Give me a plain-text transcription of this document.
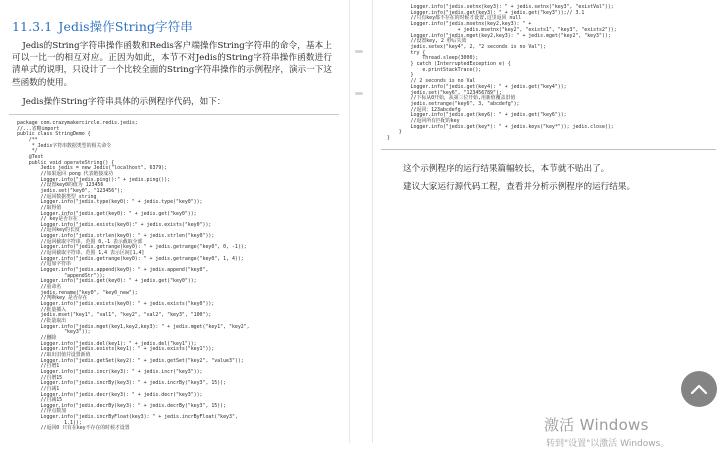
11.3.1 Jedis操作String字符串

Jedis的String字符串操作函数和Redis客户端操作String字符串的命令，基本上可以一比一的相互对应。正因为如此，本节不对Jedis的String字符串操作函数进行清单式的说明，只设计了一个比较全面的String字符串操作的示例程序，演示一下这些函数的使用。

Jedis操作String字符串具体的示例程序代码，如下：

package com.crazymakercircle.redis.jedis;
//...省略import
public class StringDemo {
/**
* Jedis字符串数据类型的相关命令
*/
@Test
public void operateString() {
Jedis jedis = new Jedis("localhost", 6379);
//如果返回 pong 代表链接成功
Logger.info("jedis.ping():" + jedis.ping());
//设置key0的值为 123456
jedis.set("key0", "123456");
//返回数据类型 string
Logger.info("jedis.type(key0): " + jedis.type("key0"));
//取得值
Logger.info("jedis.get(key0): " + jedis.get("key0"));
// key是否存在
Logger.info("jedis.exists(key0):" + jedis.exists("key0"));
//返回key的长度
Logger.info("jedis.strlen(key0): " + jedis.strlen("key0"));
//返回截取字符串，范围 0,-1 表示截取全部
Logger.info("jedis.getrange(key0): " + jedis.getrange("key0", 0, -1));
//返回截取字符串，范围 1,4 表示区间[1,4]
Logger.info("jedis.getrange(key0): " + jedis.getrange("key0", 1, 4));
//追加字符串
Logger.info("jedis.append(key0): " + jedis.append("key0",
"appendStr"));
Logger.info("jedis.get(key0): " + jedis.get("key0"));
//重命名
jedis.rename("key0", "key0_new");
//判断key 是否存在
Logger.info("jedis.exists(key0): " + jedis.exists("key0"));
//批量插入
jedis.mset("key1", "val1", "key2", "val2", "key3", "100");
//批量取出
Logger.info("jedis.mget(key1,key2,key3): " + jedis.mget("key1", "key2",
"key3"));
//删除
Logger.info("jedis.del(key1): " + jedis.del("key1"));
Logger.info("jedis.exists(key1): " + jedis.exists("key1"));
//取出旧值并设置新值
Logger.info("jedis.getSet(key2): " + jedis.getSet("key2", "value3"));
//自增1
Logger.info("jedis.incr(key3): " + jedis.incr("key3"));
//自增15
Logger.info("jedis.incrBy(key3): " + jedis.incrBy("key3", 15));
//自减1
Logger.info("jedis.decr(key3): " + jedis.decr("key3"));
//自减15
Logger.info("jedis.decrBy(key3): " + jedis.decrBy("key3", 15));
//浮点数加
Logger.info("jedis.incrByFloat(key3): " + jedis.incrByFloat("key3",
1.1));
//返回0 只有在key不存在的时候才设置
Logger.info("jedis.setnx(key3): " + jedis.setnx("key3", "existVal"));
Logger.info("jedis.get(key3): " + jedis.get("key3"));// 3.1
//只有key都不存在的时候才设置,这里返回 null
Logger.info("jedis.msetnx(key2,key3): " +
+ jedis.msetnx("key2", "exists1", "key3", "exists2"));
Logger.info("jedis.mget(key2,key3): " + jedis.mget("key2", "key3"));
//设置key, 2 秒后失效
jedis.setex("key4", 2, "2 seconds is no Val");
try {
Thread.sleep(3000);
} catch (InterruptedException e) {
e.printStackTrace();
}
// 2 seconds is no Val
Logger.info("jedis.get(key4): " + jedis.get("key4"));
jedis.set("key6", "123456789");
//下标从0开始，从第三位开始,用新值覆盖旧值
jedis.setrange("key6", 3, "abcdefg");
//返回：123abcdefg
Logger.info("jedis.get(key6): " + jedis.get("key6"));
//返回所有匹配的key
Logger.info("jedis.get(key*): " + jedis.keys("key*")); jedis.close();
}
}

这个示例程序的运行结果篇幅较长，本节就不贴出了。

建议大家运行源代码工程，查看并分析示例程序的运行结果。

激活 Windows
转到"设置"以激活 Windows。
